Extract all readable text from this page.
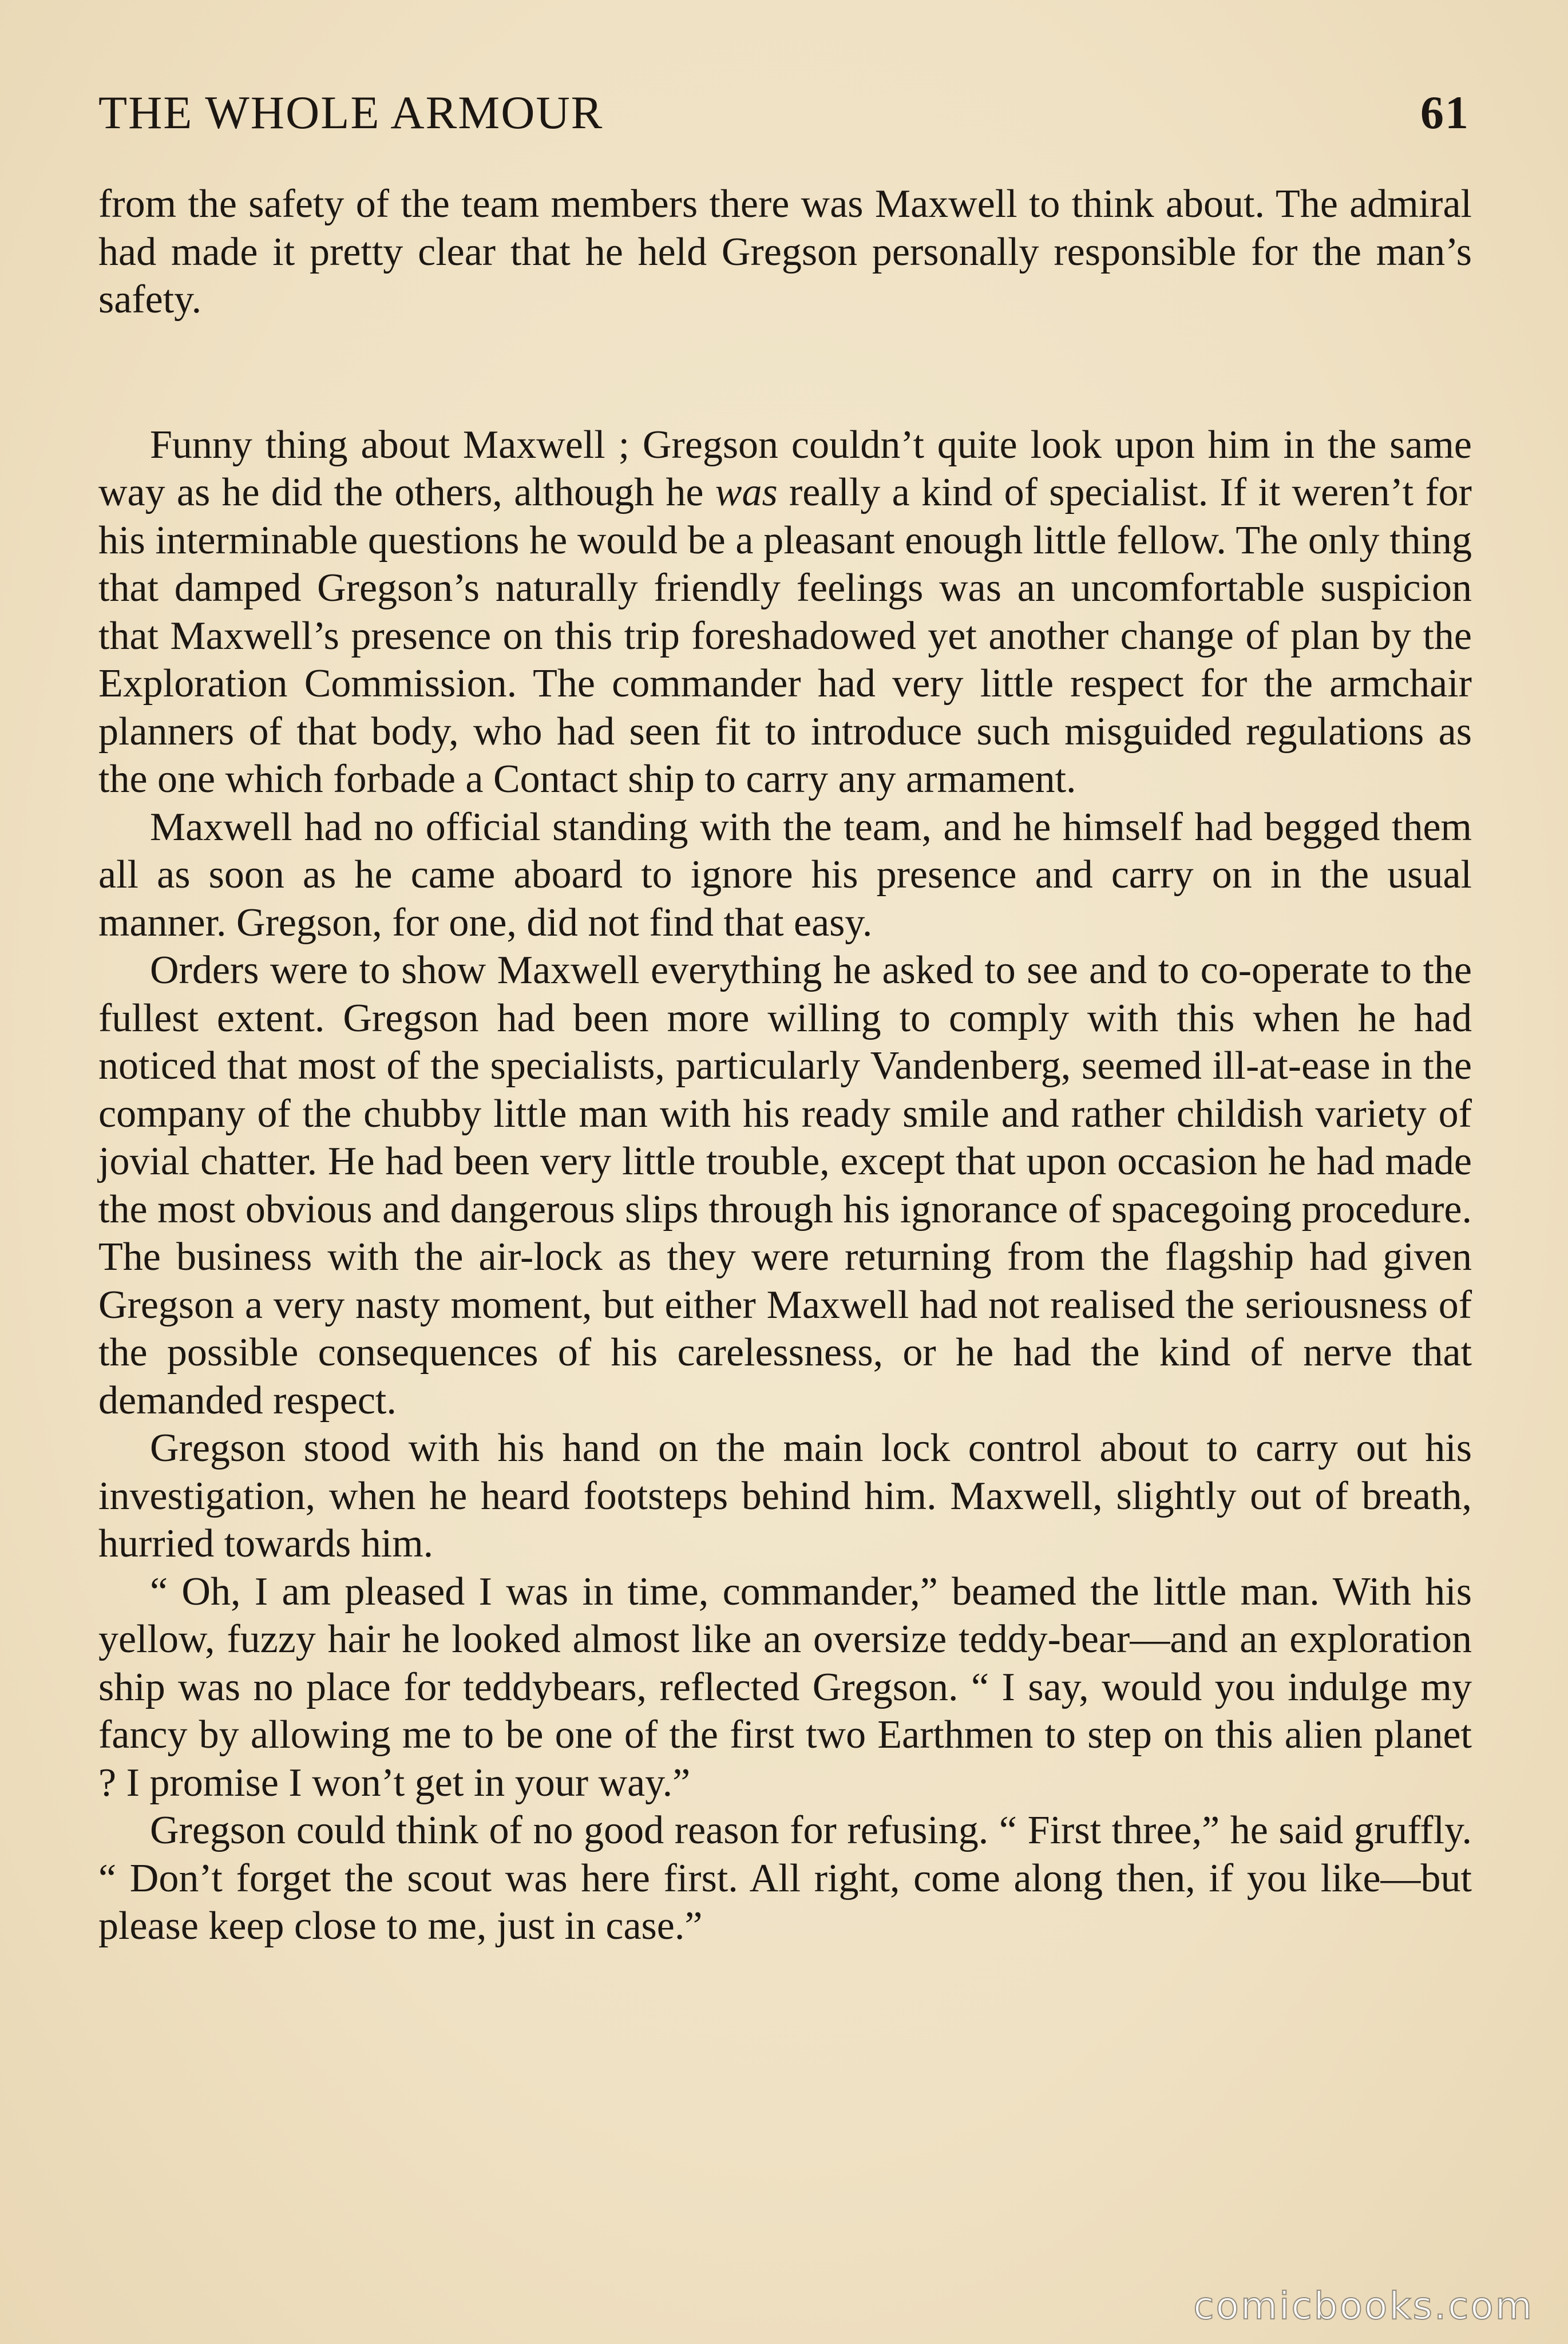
THE WHOLE ARMOUR	61

from the safety of the team members there was Maxwell to think about. The admiral had made it pretty clear that he held Gregson personally responsible for the man’s safety.

Funny thing about Maxwell ; Gregson couldn’t quite look upon him in the same way as he did the others, although he was really a kind of specialist. If it weren’t for his interminable questions he would be a pleasant enough little fellow. The only thing that damped Gregson’s naturally friendly feelings was an uncomfortable suspicion that Maxwell’s presence on this trip foreshadowed yet another change of plan by the Exploration Commission. The commander had very little respect for the armchair planners of that body, who had seen fit to introduce such misguided regulations as the one which forbade a Contact ship to carry any armament.

Maxwell had no official standing with the team, and he himself had begged them all as soon as he came aboard to ignore his presence and carry on in the usual manner. Gregson, for one, did not find that easy.

Orders were to show Maxwell everything he asked to see and to co-operate to the fullest extent. Gregson had been more willing to comply with this when he had noticed that most of the specialists, particularly Vandenberg, seemed ill-at-ease in the company of the chubby little man with his ready smile and rather childish variety of jovial chatter. He had been very little trouble, except that upon occasion he had made the most obvious and dangerous slips through his ignorance of spacegoing procedure. The business with the air-lock as they were returning from the flagship had given Gregson a very nasty moment, but either Maxwell had not realised the seriousness of the possible consequences of his carelessness, or he had the kind of nerve that demanded respect.

Gregson stood with his hand on the main lock control about to carry out his investigation, when he heard footsteps behind him. Maxwell, slightly out of breath, hurried towards him.

“ Oh, I am pleased I was in time, commander,” beamed the little man. With his yellow, fuzzy hair he looked almost like an oversize teddy-bear—and an exploration ship was no place for teddybears, reflected Gregson. “ I say, would you indulge my fancy by allowing me to be one of the first two Earthmen to step on this alien planet ? I promise I won’t get in your way.”

Gregson could think of no good reason for refusing. “ First three,” he said gruffly. “ Don’t forget the scout was here first. All right, come along then, if you like—but please keep close to me, just in case.”

comicbooks.com
